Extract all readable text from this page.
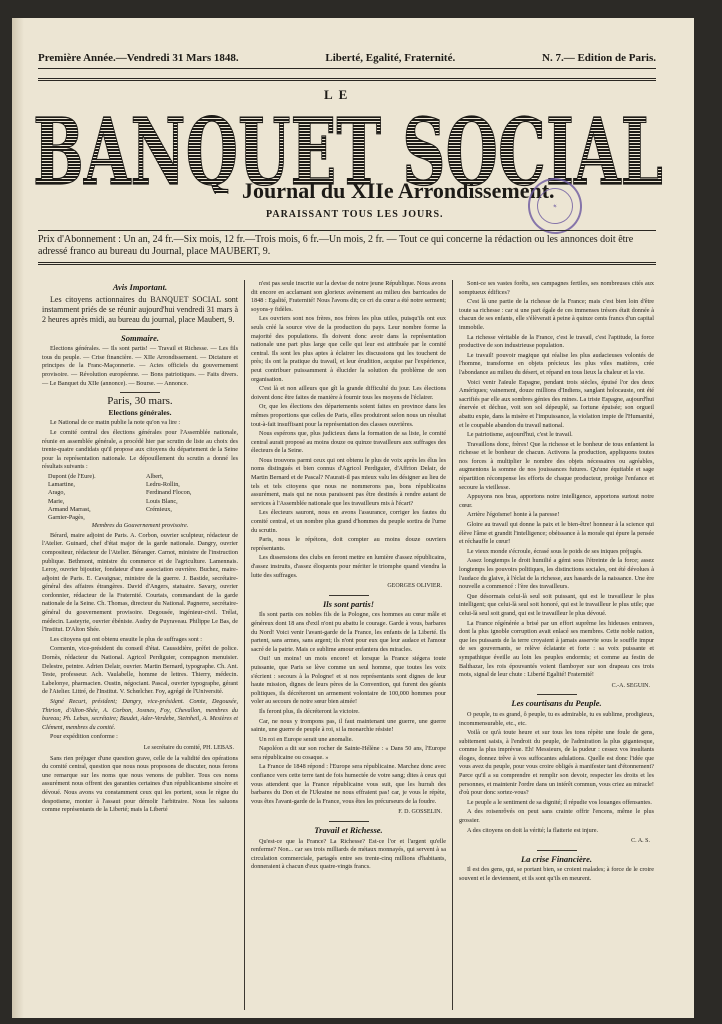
Première Année.—Vendredi 31 Mars 1848.	Liberté, Egalité, Fraternité.	N. 7.— Edition de Paris.
LE
BANQUET SOCIAL
Journal du XIIe Arrondissement.
PARAISSANT TOUS LES JOURS.
✶
Prix d'Abonnement : Un an, 24 fr.—Six mois, 12 fr.—Trois mois, 6 fr.—Un mois, 2 fr. — Tout ce qui concerne la rédaction ou les annonces doit être adressé franco au bureau du Journal, place MAUBERT, 9.
Avis Important.

Les citoyens actionnaires du BANQUET SOCIAL sont instamment priés de se réunir aujourd'hui vendredi 31 mars à 2 heures après midi, au bureau du journal, place Maubert, 9.

Sommaire.

Elections générales. — Ils sont partis! — Travail et Richesse. — Les fils tous du peuple. — Crise financière. — XIIe Arrondissement. — Dictature et principes de la Franc-Maçonnerie. — Actes officiels du gouvernement provisoire. — Révolution européenne. — Bons patriotiques. — Faits divers. — Le Banquet du XIIe (annonce). — Bourse. — Annonce.

Paris, 30 mars.
Elections générales.

Le National de ce matin publie la note qu'on va lire :

Le comité central des élections générales pour l'Assemblée nationale, réunie en assemblée générale, a procédé hier par scrutin de liste au choix des trente-quatre candidats qu'il propose aux citoyens du département de la Seine pour la représentation nationale. Le dépouillement du scrutin a donné les résultats suivants :

Dupont (de l'Eure).	Albert,
Lamartine,	Ledru-Rollin,
Arago,	Ferdinand Flocon,
Marie,	Louis Blanc,
Armand Marrast,	Crémieux,
Garnier-Pagès,

Membres du Gouvernement provisoire.

Bérard, maire adjoint de Paris. A. Corbon, ouvrier sculpteur, rédacteur de l'Atelier. Guinard, chef d'état major de la garde nationale. Dangry, ouvrier compositeur, rédacteur de l'Atelier. Béranger. Carnot, ministre de l'instruction publique. Bethmont, ministre du commerce et de l'agriculture. Lamennais. Leroy, ouvrier bijoutier, fondateur d'une association ouvrière. Buchez, maire-adjoint de Paris. E. Cavaignac, ministre de la guerre. J. Bastide, secrétaire-général des affaires étrangères. David d'Angers, statuaire. Savary, ouvrier cordonnier, rédacteur de la Fraternité. Courtais, commandant de la garde nationale de la Seine. Ch. Thomas, directeur du National. Pagnerre, secrétaire-général du gouvernement provisoire. Degousée, ingénieur-civil. Trélat, médecin. Lasteyrie, ouvrier ébéniste. Audry de Puyraveau. Philippe Le Bas, de l'Institut. D'Alton Shée.

Les citoyens qui ont obtenu ensuite le plus de suffrages sont :

Cormenin, vice-président du conseil d'état. Caussidière, préfet de police. Dornès, rédacteur du National. Agricol Perdiguier, compagnon menuisier. Delestre, peintre. Adrien Delair, ouvrier. Martin Bernard, typographe. Ch. Ant. Teste, professeur. Ach. Vaulabelle, homme de lettres. Thierry, médecin. Labelonye, pharmacien. Oustin, négociant. Pascal, ouvrier typographe, gérant de l'Atelier. Littré, de l'Institut. V. Schœlcher. Foy, agrégé de l'Université.

Signé Recurt, président; Dangry, vice-président. Comte, Degousée, Thirion, d'Alton-Shée, A. Corbon, Josmes, Foy, Chevallon, membres du bureau; Ph. Lebas, secrétaire; Baudet, Ader-Verdebe, Steinheil, A. Mesières et Clément, membres du comité.

Pour expédition conforme :

Le secrétaire du comité, PH. LEBAS.

Sans rien préjuger d'une question grave, celle de la validité des opérations du comité central, question que nous nous proposons de discuter, nous ferons une remarque sur les noms que nous venons de publier. Tous ces noms assurément nous offrent des garanties certaines d'un républicanisme sincère et dévoué. Nous avons vu constamment ceux qui les portent, sous le règne du despotisme, monter à l'assaut pour démolir l'arbitraire. Nous les saluons comme représentants de la Liberté; mais la Liberté

n'est pas seule inscrite sur la devise de notre jeune République. Nous avons dit encore en acclamant son glorieux avènement au milieu des barricades de 1848 : Egalité, Fraternité! Nous l'avons dit; ce cri du cœur a été notre serment; soyons-y fidèles.

Les ouvriers sont nos frères, nos frères les plus utiles, puisqu'ils ont eux seuls créé la source vive de la production du pays. Leur nombre forme la majorité des populations. Ils doivent donc avoir dans la représentation nationale une part plus large que celle qui leur est attribuée par le comité central. Ils sont les plus aptes à éclairer les discussions qui les touchent de près; ils ont la pratique du travail, et leur érudition, acquise par l'expérience, peut contribuer puissamment à élucider la solution du problème de son organisation.

C'est là et non ailleurs que gît la grande difficulté du jour. Les élections doivent donc être faites de manière à fournir tous les moyens de l'éclairer.

Or, que les élections des départements soient faites en province dans les mêmes proportions que celles de Paris, elles produiront selon nous un résultat tout-à-fait insuffisant pour la représentation des classes ouvrières.

Nous espérons que, plus judicieux dans la formation de sa liste, le comité central aurait proposé au moins douze ou quinze travailleurs aux suffrages des électeurs de la Seine.

Nous trouvons parmi ceux qui ont obtenu le plus de voix après les élus les noms distingués et bien connus d'Agricol Perdiguier, d'Affrion Delair, de Martin Bernard et de Pascal? N'aurait-il pas mieux valu les désigner au lieu de tels et tels citoyens que nous ne nommerons pas, bons républicains assurément, mais qui ne nous paraissent pas être destinés à rendre autant de services à l'Assemblée nationale que les travailleurs mis à l'écart?

Les électeurs sauront, nous en avons l'assurance, corriger les fautes du comité central, et un nombre plus grand d'hommes du peuple sortira de l'urne du scrutin.

Paris, nous le répétons, doit compter au moins douze ouvriers représentants.

Les dissensions des clubs en feront mettre en lumière d'assez républicains, d'assez instruits, d'assez éloquents pour mériter le triomphe quand viendra la lutte des suffrages.

GEORGES OLIVIER.
Ils sont partis!

Ils sont partis ces nobles fils de la Pologne, ces hommes au cœur mâle et généreux dont 18 ans d'exil n'ont pu abattu le courage. Garde à vous, barbares du Nord! Voici venir l'avant-garde de la France, les enfants de la Liberté. Ils partent, sans armes, sans argent; ils n'ont pour eux que leur audace et l'amour sacré de la patrie. Mais ce sublime amour enfantera des miracles.

Oui! un moins! un mois encore! et lorsque la France siégera toute puissante, que Paris se lève comme un seul homme, que toutes les voix s'écrient : secours à la Pologne! et si nos représentants sont dignes de leur haute mission, dignes de leurs pères de la Convention, qui furent des géants politiques, ils décréteront un armement volontaire de 100,000 hommes pour voler au secours de notre sœur bien aimée!

Ils feront plus, ils décréteront la victoire.

Car, ne nous y trompons pas, il faut maintenant une guerre, une guerre sainte, une guerre de peuple à roi, si la monarchie résiste!

Un roi en Europe serait une anomalie.

Napoléon a dit sur son rocher de Sainte-Hélène : « Dans 50 ans, l'Europe sera républicaine ou cosaque. »

La France de 1848 répond : l'Europe sera républicaine. Marchez donc avec confiance vers cette terre tant de fois humectée de votre sang; dites à ceux qui vous attendent que la France républicaine vous suit, que les hurrah des barbares du Don et de l'Ukraine ne nous effraient pas! car, je vous le répète, vous êtes l'avant-garde de la France, vous êtes les précurseurs de la foudre.

F. D. GOSSELIN.
Travail et Richesse.

Qu'est-ce que la France? La Richesse? Est-ce l'or et l'argent qu'elle renferme? Non... car ses trois milliards de métaux monnayés, qui servent à sa circulation commerciale, partagés entre ses trente-cinq millions d'habitants, donneraient à chacun d'eux quatre-vingts francs.

Sont-ce ses vastes forêts, ses campagnes fertiles, ses nombreuses cités aux somptueux édifices?

C'est là une partie de la richesse de la France; mais c'est bien loin d'être toute sa richesse : car si une part égale de ces immenses trésors était donnée à chacun de ses enfants, elle s'élèverait à peine à quinze cents francs d'un capital immobile.

La richesse véritable de la France, c'est le travail, c'est l'aptitude, la force productive de son industrieuse population.

Le travail! pouvoir magique qui réalise les plus audacieuses volontés de l'homme, transforme en objets précieux les plus viles matières, crée l'abondance au milieu du désert, et répand en tous lieux la chaleur et la vie.

Voici venir l'aïeule Espagne, pendant trois siècles, épuisé l'or des deux Amériques; vainement, douze millions d'Indiens, sanglant holocauste, ont été sacrifiés par elle aux sombres génies des mines. La triste Espagne, aujourd'hui énervée et déchue, voit son sol dépeuplé, sa fortune épuisée; son orgueil abattu expie, dans la misère et l'impuissance, la violation impie de l'Humanité, et le coupable abandon du travail national.

Le patriotisme, aujourd'hui, c'est le travail.

Travaillons donc, frères! Que la richesse et le bonheur de tous enfantent la richesse et le bonheur de chacun. Activons la production, appliquons toutes nos forces à multiplier le nombre des objets nécessaires ou agréables, augmentons la somme de nos jouissances futures. Qu'une équitable et sage répartition récompense les efforts de chaque producteur, protège l'enfance et secoure la vieillesse.

Appuyons nos bras, apportons notre intelligence, apportons surtout notre cœur.

Arrière l'égoïsme! honte à la paresse!

Gloire au travail qui donne la paix et le bien-être! honneur à la science qui élève l'âme et grandit l'intelligence; obéissance à la morale qui épure la pensée et réchauffe le cœur!

Le vieux monde s'écroule, écrasé sous le poids de ses iniques préjugés.

Assez longtemps le droit humilié a gémi sous l'étreinte de la force; assez longtemps les pouvoirs politiques, les distinctions sociales, ont été dévolues à l'audace du glaive, à l'éclat de la richesse, aux hasards de la naissance. Une ère nouvelle a commencé : l'ère des travailleurs.

Que désormais celui-là seul soit puissant, qui est le travailleur le plus intelligent; que celui-là seul soit honoré, qui est le travailleur le plus utile; que celui-là seul soit grand, qui est le travailleur le plus dévoué.

La France régénérée a brisé par un effort suprême les hideuses entraves, dont la plus ignoble corruption avait enlacé ses membres. Cette noble nation, que les puissants de la terre croyaient à jamais asservie sous le souffle impur de ses gouvernants, se relève éclatante et forte : sa voix puissante et sympathique éveille au loin les peuples endormis; et comme au festin de Balthazar, les rois épouvantés voient flamboyer sur son drapeau ces trois mots, signal de leur chute : Liberté Egalité! Fraternité!

C.-A. SEGUIN.
Les courtisans du Peuple.

O peuple, tu es grand, ô peuple, tu es admirable, tu es sublime, prodigieux, incommensurable, etc., etc.

Voilà ce qu'à toute heure et sur tous les tons répète une foule de gens, subitement saisis, à l'endroit du peuple, de l'admiration la plus gigantesque, comme la plus imprévue. Eh! Messieurs, de la pudeur : cessez vos insultants éloges, donnez trêve à vos suffocantes adulations. Quelle est donc l'idée que vous avez du peuple, pour vous croire obligés à manifester tant d'étonnement? Parce qu'il a su comprendre et remplir son devoir, respecter les droits et les personnes, et maintenir l'ordre dans un intérêt commun, vous criez au miracle! d'où pour donc sortez-vous?

Le peuple a le sentiment de sa dignité; il répudie vos louanges offensantes.

A des roisenrôvés on peut sans crainte offrir l'encens, même le plus grossier.

A des citoyens on doit la vérité; la flatterie est injure.

C. A. S.
La crise Financière.

Il est des gens, qui, se portant bien, se croient malades; à force de le croire souvent et le deviennent, et ils sont qu'ils en meurent.
